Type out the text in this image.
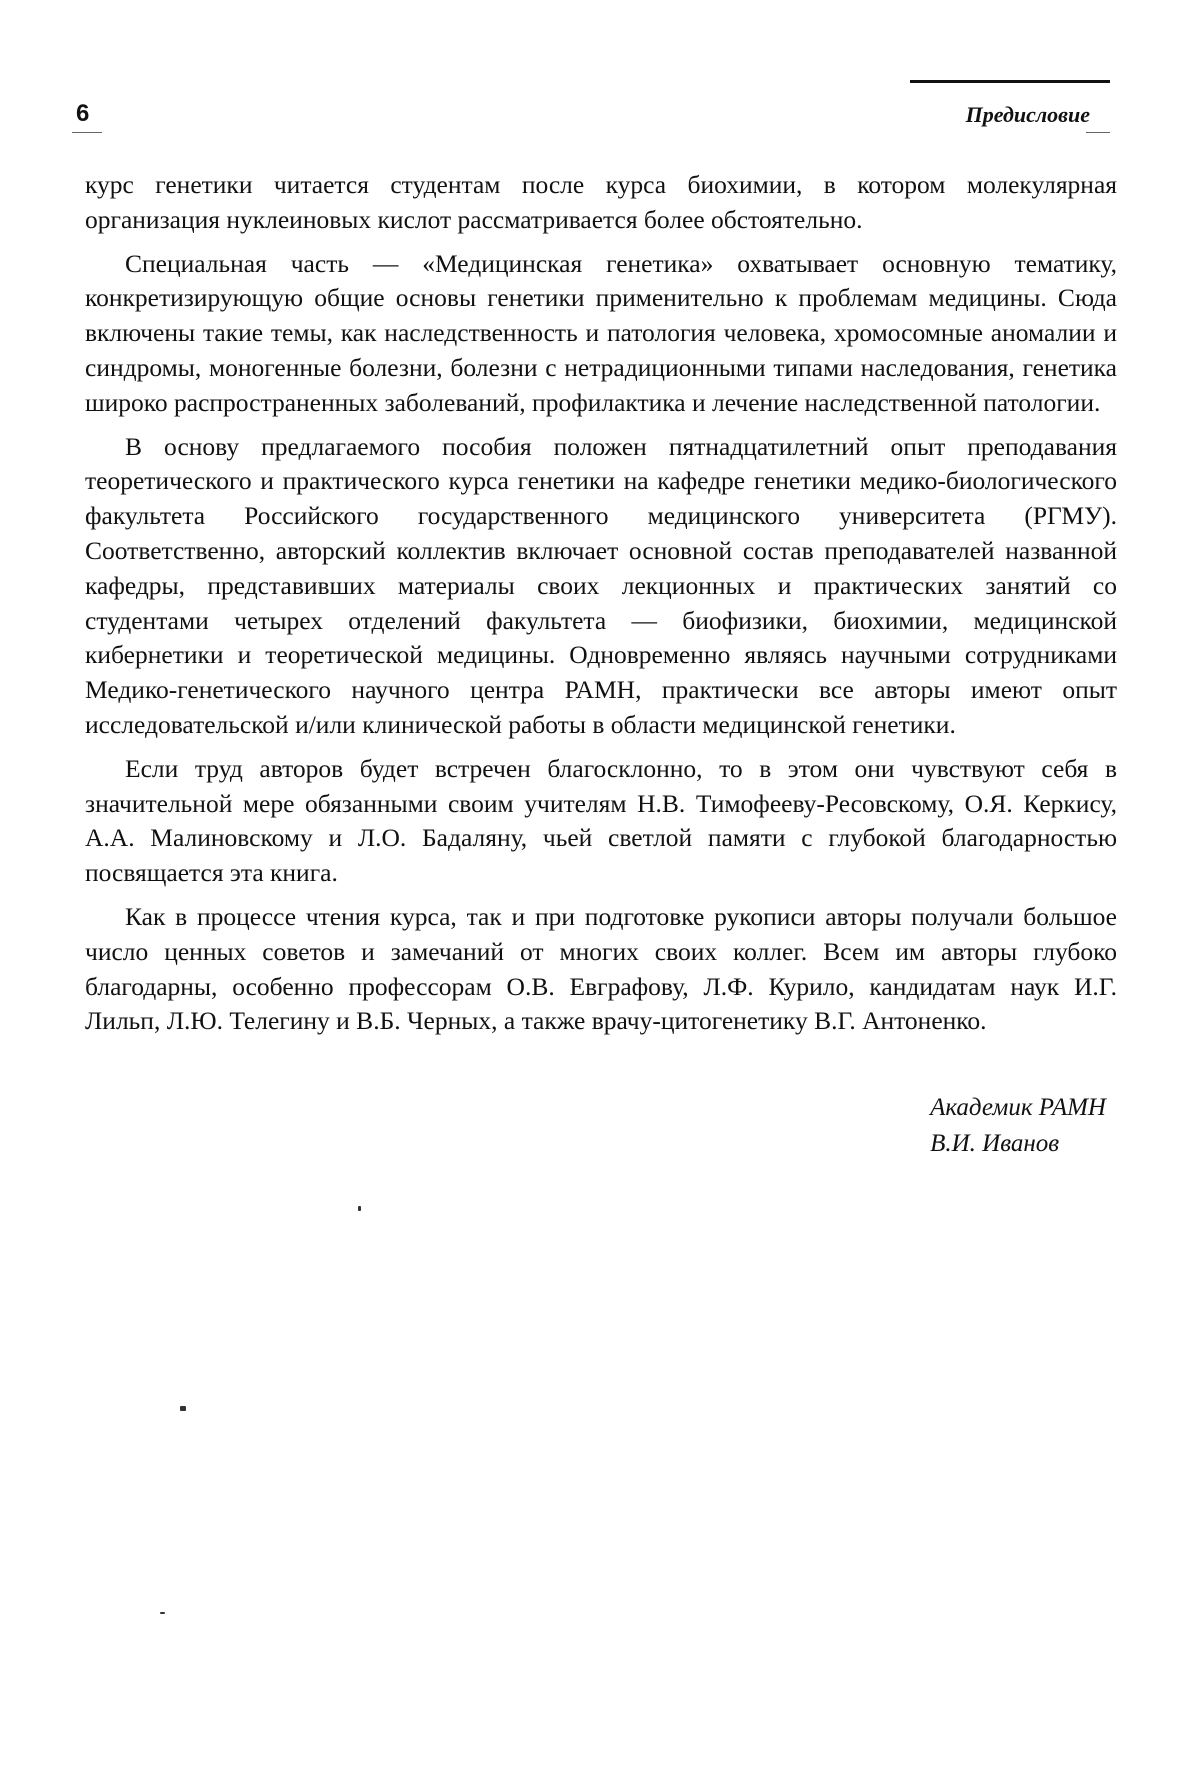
6	Предисловие

курс генетики читается студентам после курса биохимии, в котором молекулярная организация нуклеиновых кислот рассматривается более обстоятельно.

Специальная часть — «Медицинская генетика» охватывает основную тематику, конкретизирующую общие основы генетики применительно к проблемам медицины. Сюда включены такие темы, как наследственность и патология человека, хромосомные аномалии и синдромы, моногенные болезни, болезни с нетрадиционными типами наследования, генетика широко распространенных заболеваний, профилактика и лечение наследственной патологии.

В основу предлагаемого пособия положен пятнадцатилетний опыт преподавания теоретического и практического курса генетики на кафедре генетики медико-биологического факультета Российского государственного медицинского университета (РГМУ). Соответственно, авторский коллектив включает основной состав преподавателей названной кафедры, представивших материалы своих лекционных и практических занятий со студентами четырех отделений факультета — биофизики, биохимии, медицинской кибернетики и теоретической медицины. Одновременно являясь научными сотрудниками Медико-генетического научного центра РАМН, практически все авторы имеют опыт исследовательской и/или клинической работы в области медицинской генетики.

Если труд авторов будет встречен благосклонно, то в этом они чувствуют себя в значительной мере обязанными своим учителям Н.В. Тимофееву-Ресовскому, О.Я. Керкису, А.А. Малиновскому и Л.О. Бадаляну, чьей светлой памяти с глубокой благодарностью посвящается эта книга.

Как в процессе чтения курса, так и при подготовке рукописи авторы получали большое число ценных советов и замечаний от многих своих коллег. Всем им авторы глубоко благодарны, особенно профессорам О.В. Евграфову, Л.Ф. Курило, кандидатам наук И.Г. Лильп, Л.Ю. Телегину и В.Б. Черных, а также врачу-цитогенетику В.Г. Антоненко.

Академик РАМН
В.И. Иванов
